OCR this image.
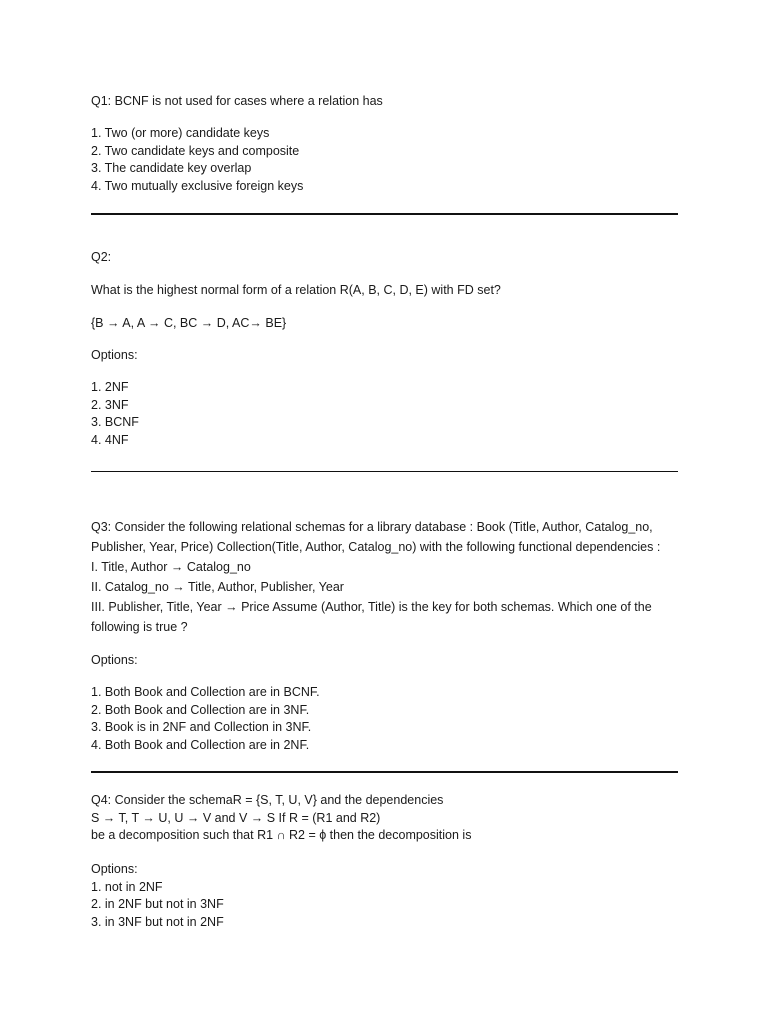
Q1: BCNF is not used for cases where a relation has
1. Two (or more) candidate keys
2. Two candidate keys and composite
3. The candidate key overlap
4. Two mutually exclusive foreign keys
Q2:
What is the highest normal form of a relation R(A, B, C, D, E) with FD set?
{B → A, A → C, BC → D, AC→ BE}
Options:
1. 2NF
2. 3NF
3. BCNF
4. 4NF
Q3: Consider the following relational schemas for a library database : Book (Title, Author, Catalog_no,
Publisher, Year, Price) Collection(Title, Author, Catalog_no) with the following functional dependencies :
I. Title, Author → Catalog_no
II. Catalog_no → Title, Author, Publisher, Year
III. Publisher, Title, Year → Price Assume (Author, Title) is the key for both schemas. Which one of the
following is true ?
Options:
1. Both Book and Collection are in BCNF.
2. Both Book and Collection are in 3NF.
3. Book is in 2NF and Collection in 3NF.
4. Both Book and Collection are in 2NF.
Q4: Consider the schemaR = {S, T, U, V} and the dependencies
S → T, T → U, U → V and V → S If R = (R1 and R2)
be a decomposition such that R1 ∩ R2 = ϕ then the decomposition is
Options:
1. not in 2NF
2. in 2NF but not in 3NF
3. in 3NF but not in 2NF
